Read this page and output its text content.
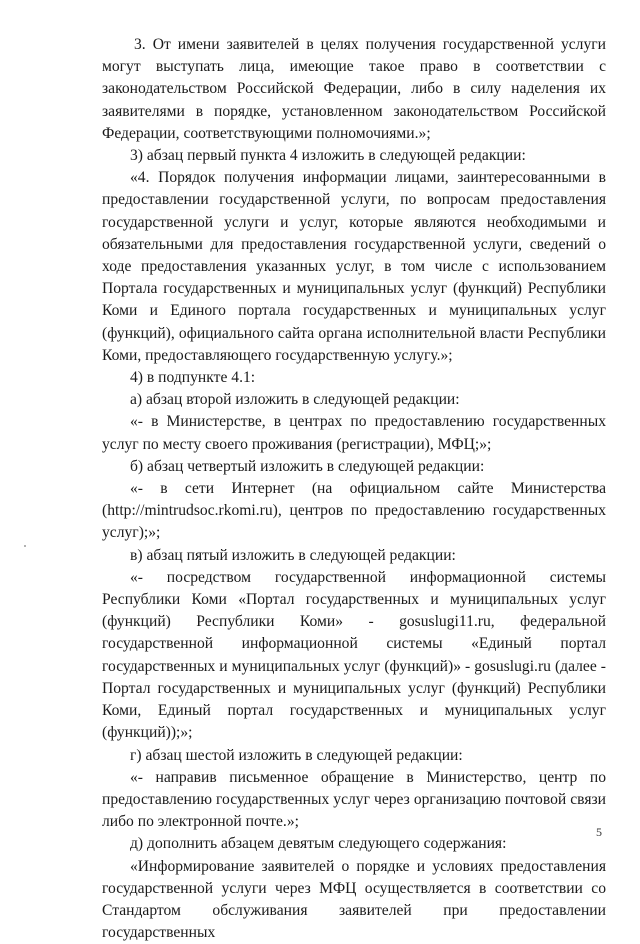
3. От имени заявителей в целях получения государственной услуги могут выступать лица, имеющие такое право в соответствии с законодательством Российской Федерации, либо в силу наделения их заявителями в порядке, установленном законодательством Российской Федерации, соответствующими полномочиями.»;

3) абзац первый пункта 4 изложить в следующей редакции:

«4. Порядок получения информации лицами, заинтересованными в предоставлении государственной услуги, по вопросам предоставления государственной услуги и услуг, которые являются необходимыми и обязательными для предоставления государственной услуги, сведений о ходе предоставления указанных услуг, в том числе с использованием Портала государственных и муниципальных услуг (функций) Республики Коми и Единого портала государственных и муниципальных услуг (функций), официального сайта органа исполнительной власти Республики Коми, предоставляющего государственную услугу.»;

4) в подпункте 4.1:

а) абзац второй изложить в следующей редакции:

«- в Министерстве, в центрах по предоставлению государственных услуг по месту своего проживания (регистрации), МФЦ;»;

б) абзац четвертый изложить в следующей редакции:

«- в сети Интернет (на официальном сайте Министерства (http://mintrudsoc.rkomi.ru), центров по предоставлению государственных услуг);»;

в) абзац пятый изложить в следующей редакции:

«- посредством государственной информационной системы Республики Коми «Портал государственных и муниципальных услуг (функций) Республики Коми» - gosuslugi11.ru, федеральной государственной информационной системы «Единый портал государственных и муниципальных услуг (функций)» - gosuslugi.ru (далее - Портал государственных и муниципальных услуг (функций) Республики Коми, Единый портал государственных и муниципальных услуг (функций));»;

г) абзац шестой изложить в следующей редакции:

«- направив письменное обращение в Министерство, центр по предоставлению государственных услуг через организацию почтовой связи либо по электронной почте.»;

д) дополнить абзацем девятым следующего содержания:

«Информирование заявителей о порядке и условиях предоставления государственной услуги через МФЦ осуществляется в соответствии со Стандартом обслуживания заявителей при предоставлении государственных

5
